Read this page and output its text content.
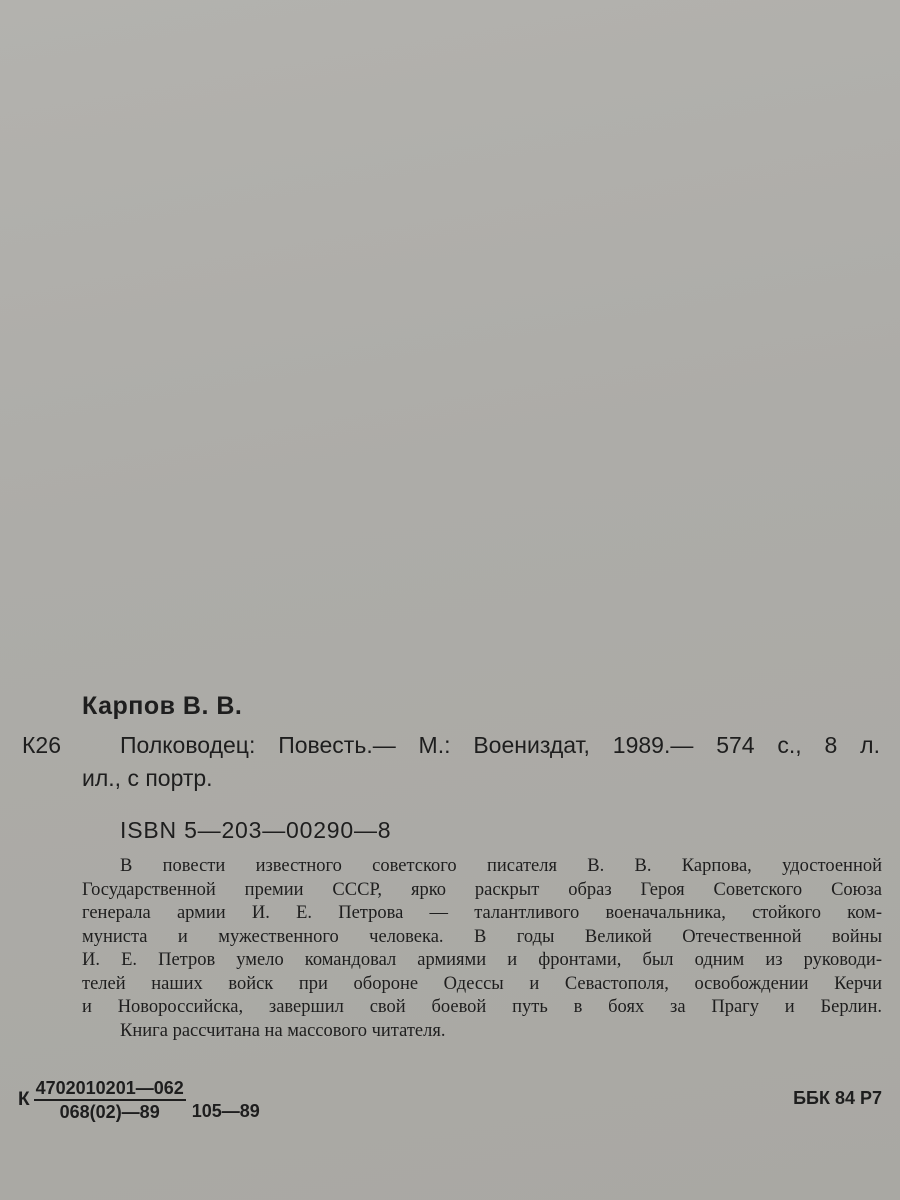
Карпов В. В.
К26	Полководец: Повесть.— М.: Воениздат, 1989.— 574 с., 8 л.
ил., с портр.
ISBN 5—203—00290—8
В повести известного советского писателя В. В. Карпова, удостоенной
Государственной премии СССР, ярко раскрыт образ Героя Советского Союза
генерала армии И. Е. Петрова — талантливого военачальника, стойкого ком-
муниста и мужественного человека. В годы Великой Отечественной войны
И. Е. Петров умело командовал армиями и фронтами, был одним из руководи-
телей наших войск при обороне Одессы и Севастополя, освобождении Керчи
и Новороссийска, завершил свой боевой путь в боях за Прагу и Берлин.
Книга рассчитана на массового читателя.
К $\frac{4702010201—062}{068(02)—89}$ 105—89
ББК 84 Р7
